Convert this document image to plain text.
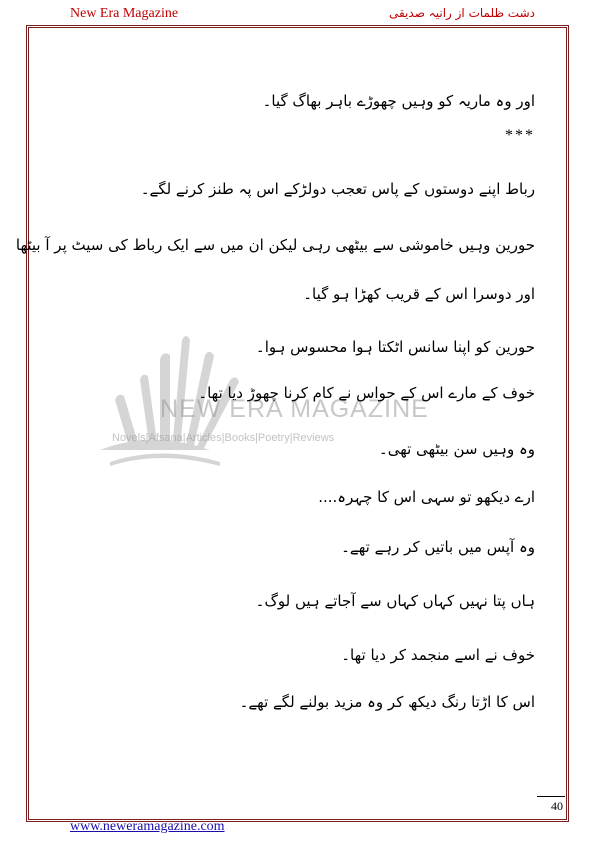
New Era Magazine	دشت ظلمات از رانیہ صدیقی
NEW ERA MAGAZINE
Novels|Afsana|Articles|Books|Poetry|Reviews
اور وہ ماریہ کو وہیں چھوڑے باہر بھاگ گیا۔
***
رباط اپنے دوستوں کے پاس تعجب دولڑکے اس پہ طنز کرنے لگے۔
حورین وہیں خاموشی سے بیٹھی رہی لیکن ان میں سے ایک رباط کی سیٹ پر آ بیٹھا
اور دوسرا اس کے قریب کھڑا ہو گیا۔
حورین کو اپنا سانس اٹکتا ہوا محسوس ہوا۔
خوف کے مارے اس کے حواس نے کام کرنا چھوڑ دیا تھا۔
وہ وہیں سن بیٹھی تھی۔
ارے دیکھو تو سہی اس کا چہرہ....
وہ آپس میں باتیں کر رہے تھے۔
ہاں پتا نہیں کہاں کہاں سے آجاتے ہیں لوگ۔
خوف نے اسے منجمد کر دیا تھا۔
اس کا اڑتا رنگ دیکھ کر وہ مزید بولنے لگے تھے۔
40
www.neweramagazine.com
